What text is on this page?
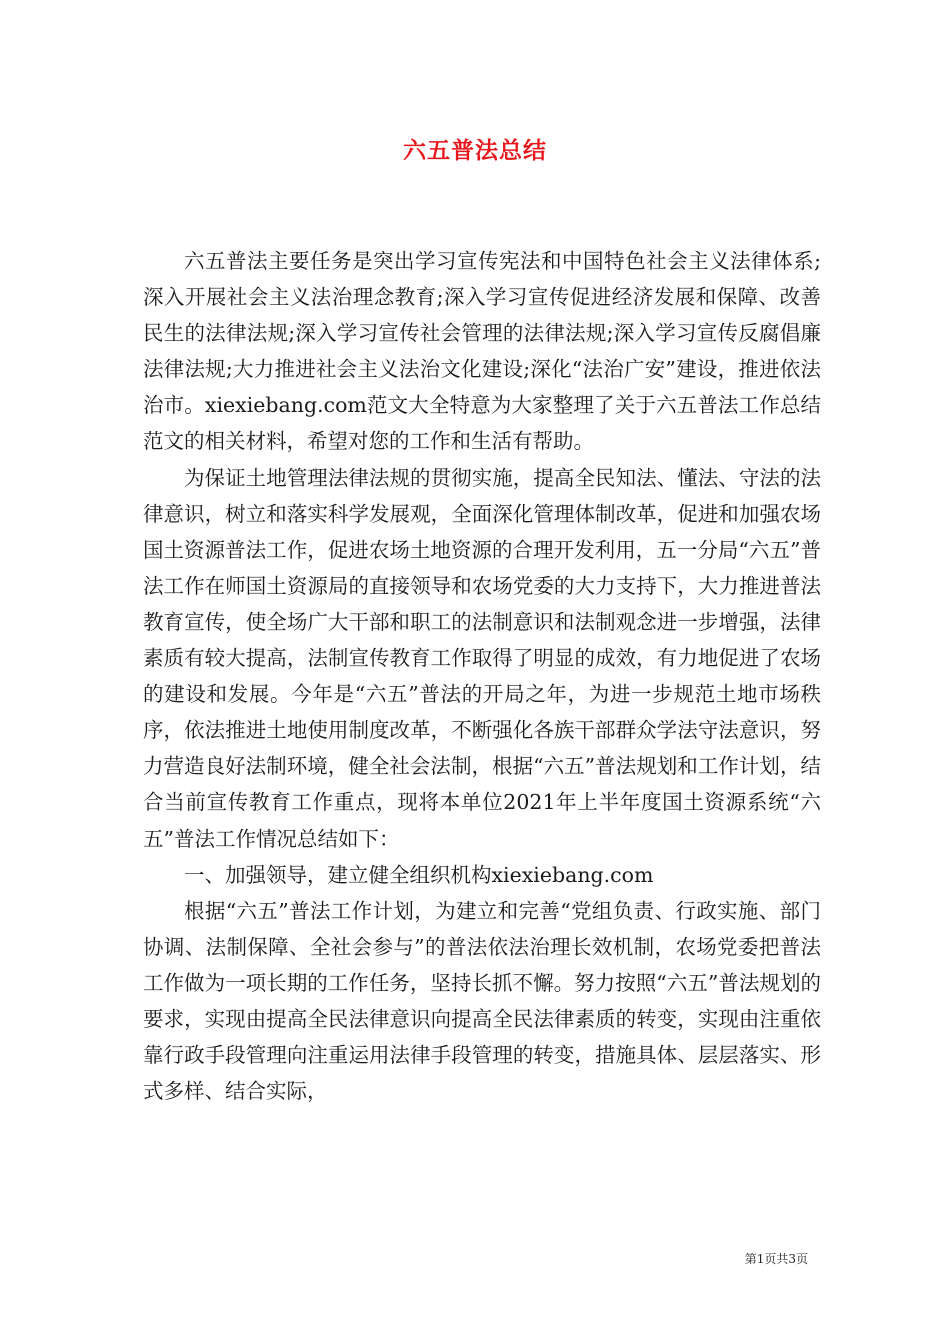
六五普法总结

六五普法主要任务是突出学习宣传宪法和中国特色社会主义法律体系;深入开展社会主义法治理念教育;深入学习宣传促进经济发展和保障、改善民生的法律法规;深入学习宣传社会管理的法律法规;深入学习宣传反腐倡廉法律法规;大力推进社会主义法治文化建设;深化“法治广安”建设，推进依法治市。xiexiebang.com范文大全特意为大家整理了关于六五普法工作总结范文的相关材料，希望对您的工作和生活有帮助。

为保证土地管理法律法规的贯彻实施，提高全民知法、懂法、守法的法律意识，树立和落实科学发展观，全面深化管理体制改革，促进和加强农场国土资源普法工作，促进农场土地资源的合理开发利用，五一分局“六五”普法工作在师国土资源局的直接领导和农场党委的大力支持下，大力推进普法教育宣传，使全场广大干部和职工的法制意识和法制观念进一步增强，法律素质有较大提高，法制宣传教育工作取得了明显的成效，有力地促进了农场的建设和发展。今年是“六五”普法的开局之年，为进一步规范土地市场秩序，依法推进土地使用制度改革，不断强化各族干部群众学法守法意识，努力营造良好法制环境，健全社会法制，根据“六五”普法规划和工作计划，结合当前宣传教育工作重点，现将本单位2021年上半年度国土资源系统“六五”普法工作情况总结如下：

一、加强领导，建立健全组织机构xiexiebang.com

根据“六五”普法工作计划，为建立和完善“党组负责、行政实施、部门协调、法制保障、全社会参与”的普法依法治理长效机制，农场党委把普法工作做为一项长期的工作任务，坚持长抓不懈。努力按照“六五”普法规划的要求，实现由提高全民法律意识向提高全民法律素质的转变，实现由注重依靠行政手段管理向注重运用法律手段管理的转变，措施具体、层层落实、形式多样、结合实际，

第1页共3页
